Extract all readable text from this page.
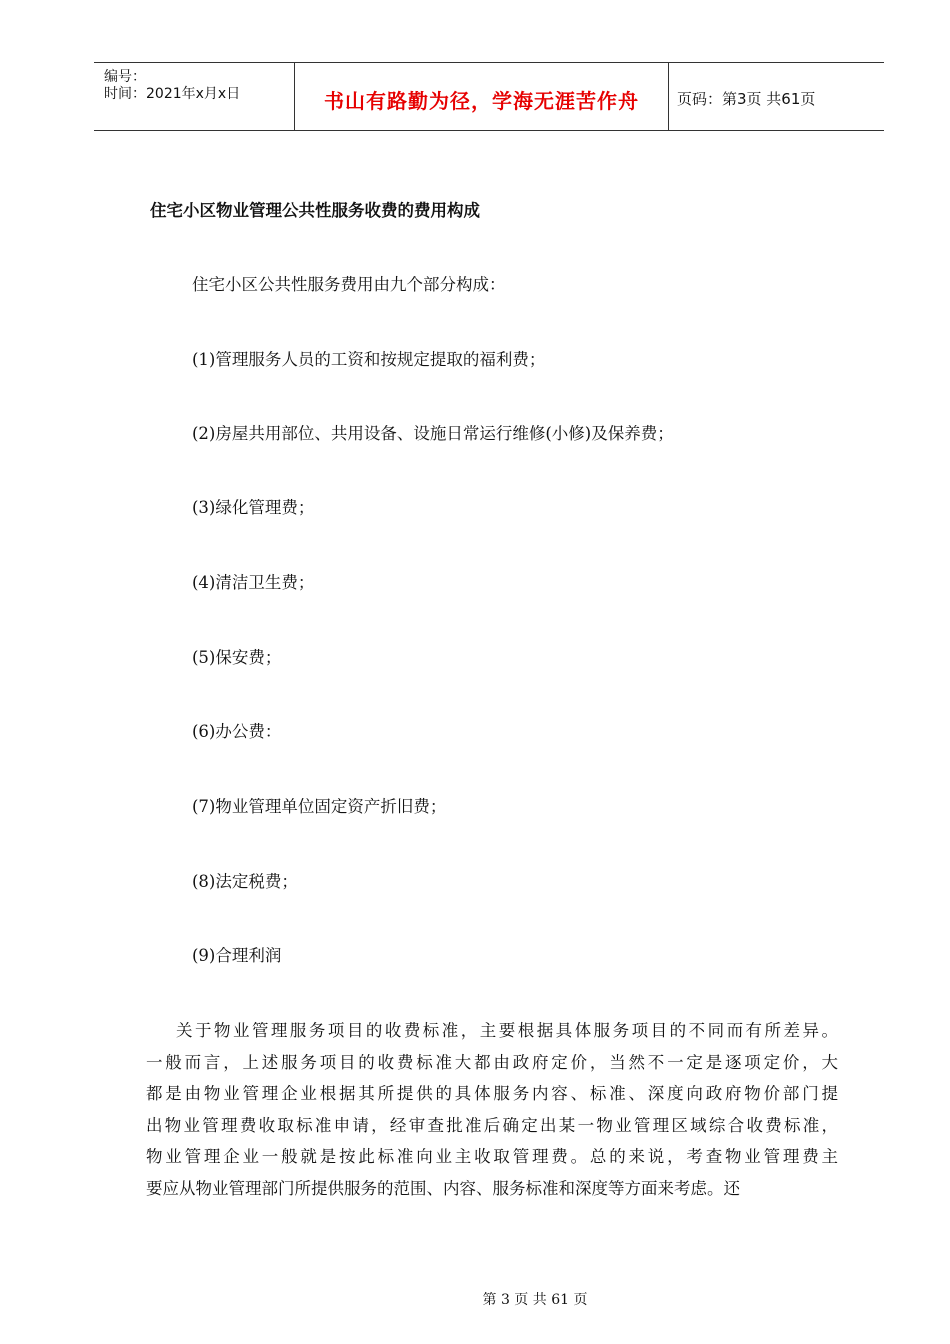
编号：
时间：2021年x月x日	书山有路勤为径，学海无涯苦作舟	页码：第3页 共61页
住宅小区物业管理公共性服务收费的费用构成
住宅小区公共性服务费用由九个部分构成：
(1)管理服务人员的工资和按规定提取的福利费；
(2)房屋共用部位、共用设备、设施日常运行维修(小修)及保养费；
(3)绿化管理费；
(4)清洁卫生费；
(5)保安费；
(6)办公费：
(7)物业管理单位固定资产折旧费；
(8)法定税费；
(9)合理利润
关于物业管理服务项目的收费标准，主要根据具体服务项目的不同而有所差异。
一般而言，上述服务项目的收费标准大都由政府定价，当然不一定是逐项定价，大
都是由物业管理企业根据其所提供的具体服务内容、标准、深度向政府物价部门提
出物业管理费收取标准申请，经审查批准后确定出某一物业管理区域综合收费标准，
物业管理企业一般就是按此标准向业主收取管理费。总的来说，考查物业管理费主
要应从物业管理部门所提供服务的范围、内容、服务标准和深度等方面来考虑。还
第 3 页 共 61 页
